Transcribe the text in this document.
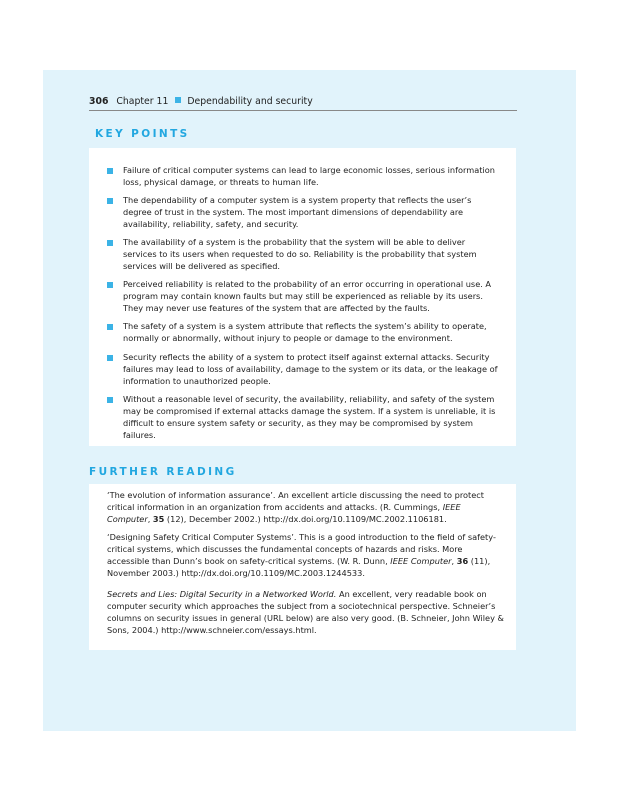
306 Chapter 11 Dependability and security
KEY POINTS
Failure of critical computer systems can lead to large economic losses, serious information loss, physical damage, or threats to human life.
The dependability of a computer system is a system property that reflects the user’s degree of trust in the system. The most important dimensions of dependability are availability, reliability, safety, and security.
The availability of a system is the probability that the system will be able to deliver services to its users when requested to do so. Reliability is the probability that system services will be delivered as specified.
Perceived reliability is related to the probability of an error occurring in operational use. A program may contain known faults but may still be experienced as reliable by its users. They may never use features of the system that are affected by the faults.
The safety of a system is a system attribute that reflects the system’s ability to operate, normally or abnormally, without injury to people or damage to the environment.
Security reflects the ability of a system to protect itself against external attacks. Security failures may lead to loss of availability, damage to the system or its data, or the leakage of information to unauthorized people.
Without a reasonable level of security, the availability, reliability, and safety of the system may be compromised if external attacks damage the system. If a system is unreliable, it is difficult to ensure system safety or security, as they may be compromised by system failures.
FURTHER READING

‘The evolution of information assurance’. An excellent article discussing the need to protect critical information in an organization from accidents and attacks. (R. Cummings, IEEE Computer, 35 (12), December 2002.) http://dx.doi.org/10.1109/MC.2002.1106181.

‘Designing Safety Critical Computer Systems’. This is a good introduction to the field of safety-critical systems, which discusses the fundamental concepts of hazards and risks. More accessible than Dunn’s book on safety-critical systems. (W. R. Dunn, IEEE Computer, 36 (11), November 2003.) http://dx.doi.org/10.1109/MC.2003.1244533.

Secrets and Lies: Digital Security in a Networked World. An excellent, very readable book on computer security which approaches the subject from a sociotechnical perspective. Schneier’s columns on security issues in general (URL below) are also very good. (B. Schneier, John Wiley & Sons, 2004.) http://www.schneier.com/essays.html.
